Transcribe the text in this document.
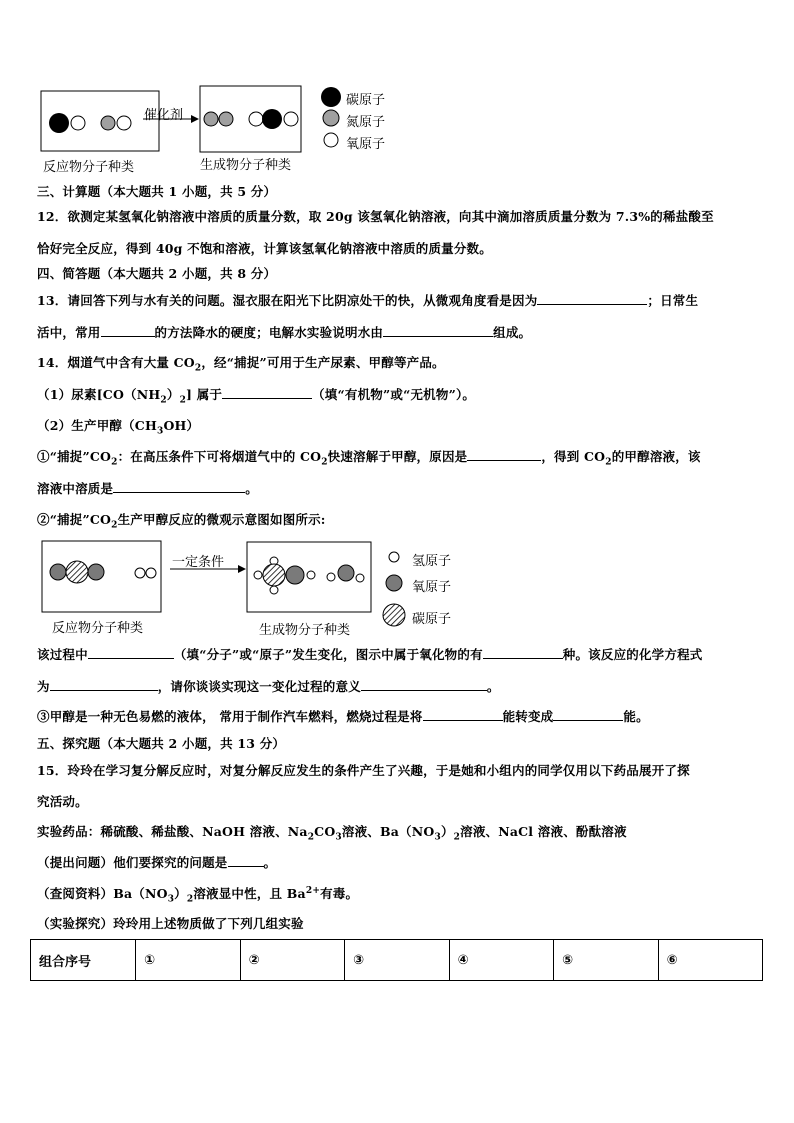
催化剂
反应物分子种类	生成物分子种类
碳原子
氮原子
氧原子
三、计算题（本大题共 1 小题，共 5 分）
12．欲测定某氢氧化钠溶液中溶质的质量分数，取 20g 该氢氧化钠溶液，向其中滴加溶质质量分数为 7.3%的稀盐酸至
恰好完全反应，得到 40g 不饱和溶液，计算该氢氧化钠溶液中溶质的质量分数。
四、简答题（本大题共 2 小题，共 8 分）
13．请回答下列与水有关的问题。湿衣服在阳光下比阴凉处干的快，从微观角度看是因为	；日常生
活中，常用	的方法降水的硬度；电解水实验说明水由	组成。
14．烟道气中含有大量 $CO_2$，经“捕捉”可用于生产尿素、甲醇等产品。
（1）尿素$[CO(NH_2)_2]$ 属于	（填“有机物”或“无机物”）。
（2）生产甲醇$(CH_3OH)$
①“捕捉$”CO_2$：在高压条件下可将烟道气中的 $CO_2$快速溶解于甲醇，原因是	，得到 $CO_2$的甲醇溶液，该
溶液中溶质是	。
②“捕捉$”CO_2$生产甲醇反应的微观示意图如图所示:
一定条件
反应物分子种类	生成物分子种类
氢原子
氧原子
碳原子
该过程中	（填“分子”或“原子”发生变化，图示中属于氧化物的有	种。该反应的化学方程式
为	，请你谈谈实现这一变化过程的意义	。
③甲醇是一种无色易燃的液体， 常用于制作汽车燃料，燃烧过程是将	能转变成	能。
五、探究题（本大题共 2 小题，共 13 分）
15．玲玲在学习复分解反应时，对复分解反应发生的条件产生了兴趣，于是她和小组内的同学仅用以下药品展开了探
究活动。
实验药品：稀硫酸、稀盐酸、NaOH 溶液、$Na_2CO_3$溶液、$Ba(NO_3)_2$溶液、NaCl 溶液、酚酞溶液
（提出问题）他们要探究的问题是	。
（查阅资料）$Ba(NO_3)_2$溶液显中性，且 $Ba^{2+}$有毒。
（实验探究）玲玲用上述物质做了下列几组实验
组合序号	①	②	③	④	⑤	⑥
